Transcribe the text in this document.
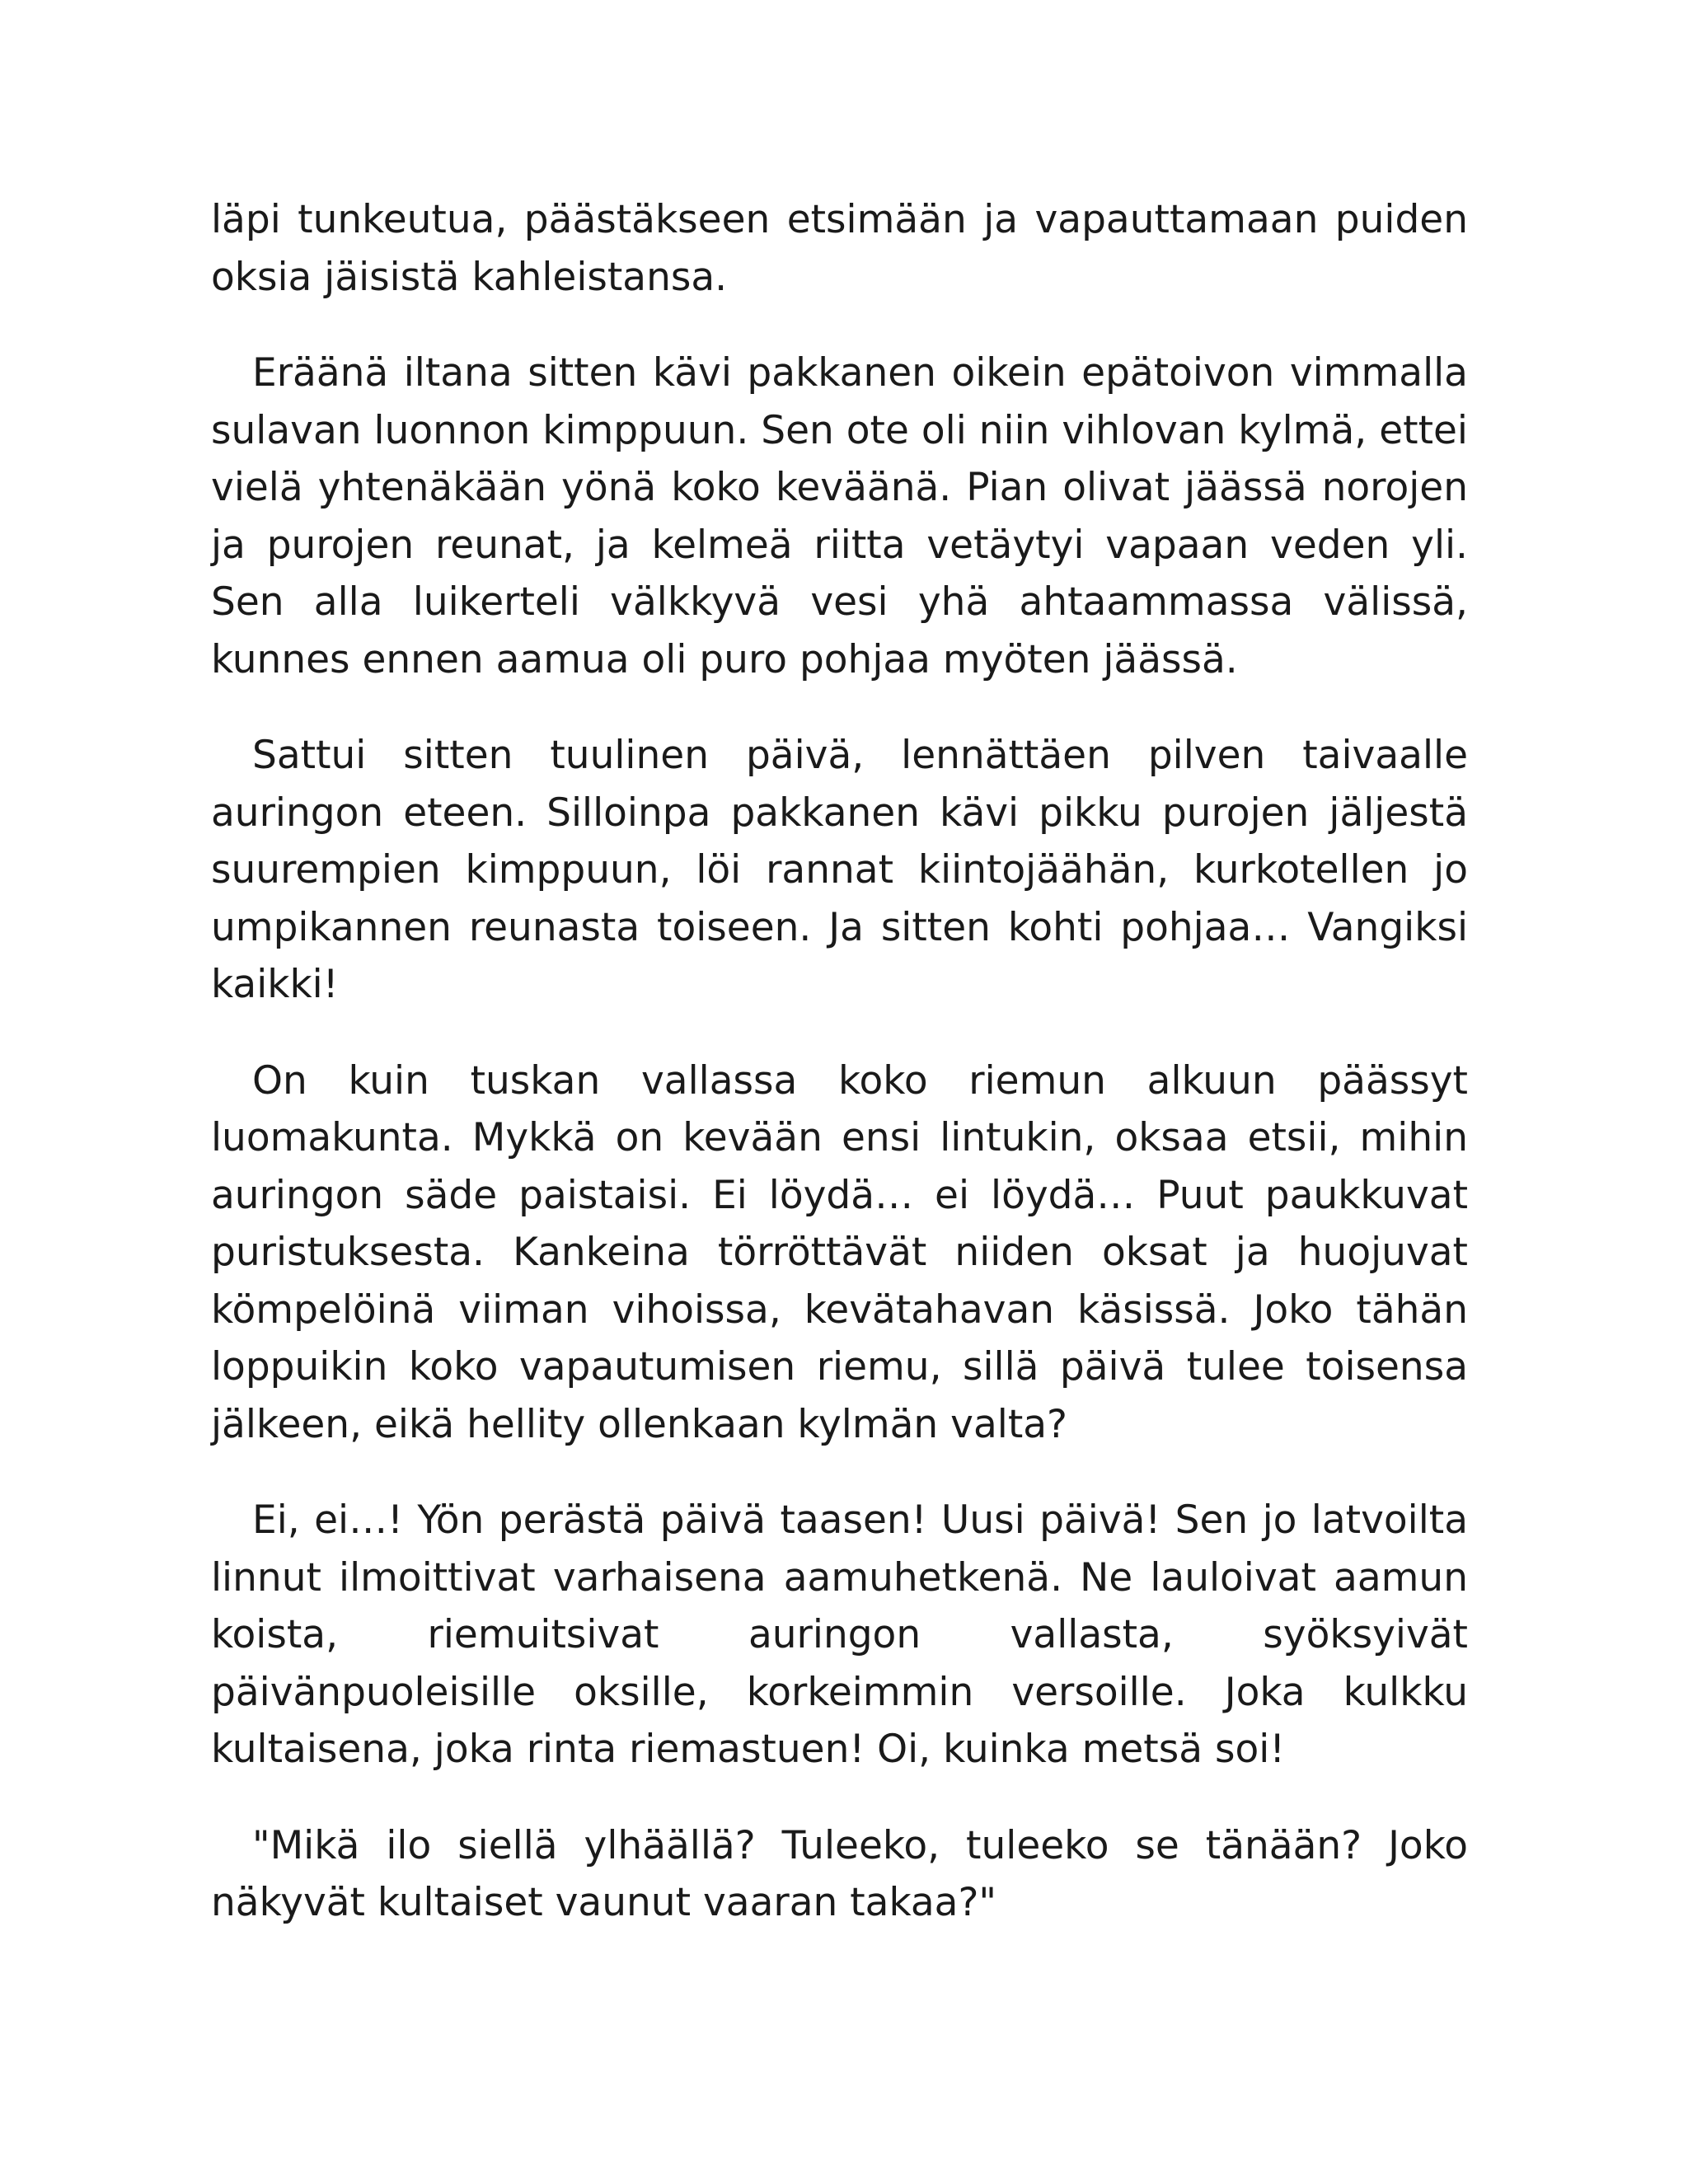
läpi tunkeutua, päästäkseen etsimään ja vapauttamaan puiden oksia jäisistä kahleistansa.

Eräänä iltana sitten kävi pakkanen oikein epätoivon vimmalla sulavan luonnon kimppuun. Sen ote oli niin vihlovan kylmä, ettei vielä yhtenäkään yönä koko keväänä. Pian olivat jäässä norojen ja purojen reunat, ja kelmeä riitta vetäytyi vapaan veden yli. Sen alla luikerteli välkkyvä vesi yhä ahtaammassa välissä, kunnes ennen aamua oli puro pohjaa myöten jäässä.

Sattui sitten tuulinen päivä, lennättäen pilven taivaalle auringon eteen. Silloinpa pakkanen kävi pikku purojen jäljestä suurempien kimppuun, löi rannat kiintojäähän, kurkotellen jo umpikannen reunasta toiseen. Ja sitten kohti pohjaa… Vangiksi kaikki!

On kuin tuskan vallassa koko riemun alkuun päässyt luomakunta. Mykkä on kevään ensi lintukin, oksaa etsii, mihin auringon säde paistaisi. Ei löydä… ei löydä… Puut paukkuvat puristuksesta. Kankeina törröttävät niiden oksat ja huojuvat kömpelöinä viiman vihoissa, kevätahavan käsissä. Joko tähän loppuikin koko vapautumisen riemu, sillä päivä tulee toisensa jälkeen, eikä hellity ollenkaan kylmän valta?

Ei, ei…! Yön perästä päivä taasen! Uusi päivä! Sen jo latvoilta linnut ilmoittivat varhaisena aamuhetkenä. Ne lauloivat aamun koista, riemuitsivat auringon vallasta, syöksyivät päivänpuoleisille oksille, korkeimmin versoille. Joka kulkku kultaisena, joka rinta riemastuen! Oi, kuinka metsä soi!

"Mikä ilo siellä ylhäällä? Tuleeko, tuleeko se tänään? Joko näkyvät kultaiset vaunut vaaran takaa?"
